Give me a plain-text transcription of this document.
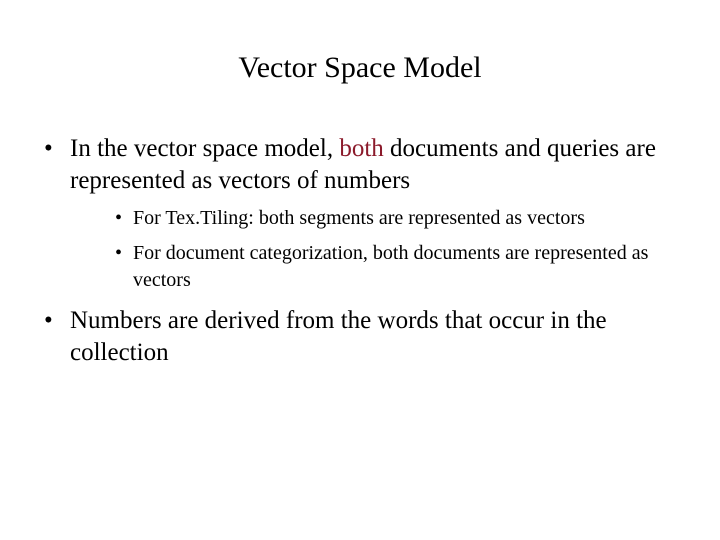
Vector Space Model
• In the vector space model, both documents and queries are represented as vectors of numbers
• For Tex.Tiling: both segments are represented as vectors
• For document categorization, both documents are represented as vectors
• Numbers are derived from the words that occur in the collection
